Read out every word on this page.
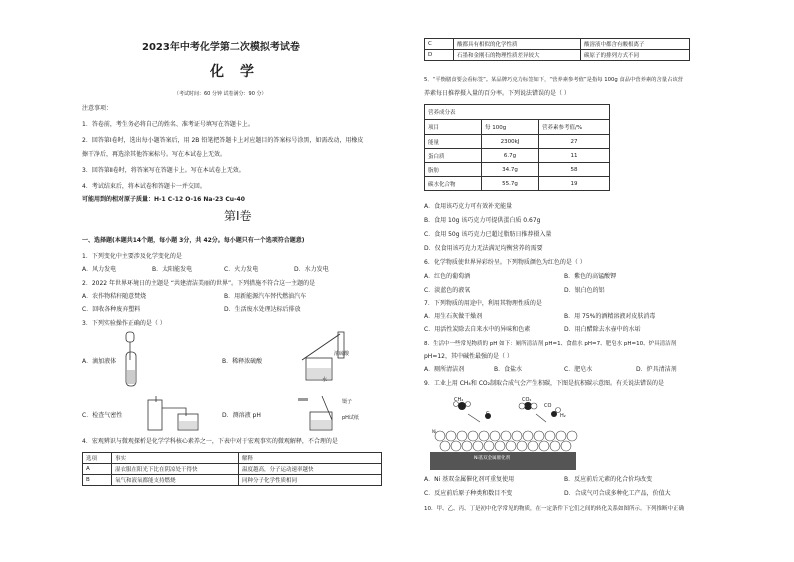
2023年中考化学第二次模拟考试卷
化学
（考试时间：60 分钟 试卷满分：90 分）
注意事项：
1．答卷前，考生务必将自己的姓名、准考证号填写在答题卡上。
2．回答第Ⅰ卷时，选出每小题答案后，用 2B 铅笔把答题卡上对应题目的答案标号涂黑，如需改动，用橡皮
擦干净后，再选涂其他答案标号。写在本试卷上无效。
3．回答第Ⅱ卷时，将答案写在答题卡上。写在本试卷上无效。
4．考试结束后，将本试卷和答题卡一并交回。
可能用到的相对原子质量：H-1 C-12 O-16 Na-23 Cu-40
第Ⅰ卷
一、选择题(本题共14个题，每小题 3分，共 42分。每小题只有一个选项符合题意)
1．下列变化中主要涉及化学变化的是
A．风力发电	B．太阳能发电	C．火力发电	D．水力发电
2．2022 年世界环境日的主题是 “共建清洁美丽的世界”。下列措施不符合这一主题的是
A．农作物秸秆随意焚烧	B．用新能源汽车替代燃油汽车
C．回收各种废弃塑料	D．生活废水处理达标后排放
3．下列实验操作正确的是（ ）
A．滴加液体	B．稀释浓硫酸
浓硫酸
水
C．检查气密性	D．测溶液 pH
镊子
pH试纸
4．宏观辨识与微观探析是化学学科核心素养之一，下表中对于宏观事实的微观解释，不合理的是
选项	事实	解释
A	湿衣服在阳光下比在阴凉处干得快	温度越高，分子运动速率越快
B	氧气和液氧都能支持燃烧	同种分子化学性质相同
C	酸都具有相似的化学性质	酸溶液中都含有酸根离子
D	石墨和金刚石的物理性质差异较大	碳原子的排列方式不同
5．“平衡膳食要会看标签”。某品牌巧克力标签如下，“营养素参考值”是指每 100g 食品中营养素的含量占该营
养素每日推荐摄入量的百分率。下列说法错误的是（ ）
营养成分表		
项目	每 100g	营养素参考值/%
能量	2300kJ	27
蛋白质	6.7g	11
脂肪	34.7g	58
碳水化合物	55.7g	19
A．食用该巧克力可有效补充能量
B．食用 10g 该巧克力可提供蛋白质 0.67g
C．食用 50g 该巧克力已超过脂肪日推荐摄入量
D．仅食用该巧克力无法满足均衡营养的需要
6．化学物质使世界异彩纷呈。下列物质颜色为红色的是（ ）
A．红色的葡萄酒	B．紫色的高锰酸钾
C．淡蓝色的液氧	D．银白色的铝
7．下列物质的用途中，利用其物理性质的是
A．用生石灰做干燥剂	B．用 75%的酒精溶液对皮肤消毒
C．用活性炭除去自来水中的异味和色素	D．用白醋除去水壶中的水垢
8．生活中一些常见物质的 pH 如下：厕所清洁剂 pH=1、食盐水 pH=7、肥皂水 pH=10、炉具清洁剂
pH=12，其中碱性最强的是（ ）
A．厕所清洁剂	B．食盐水	C．肥皂水	D．炉具清洁剂
9．工业上用 CH₄和 CO₂制取合成气会产生积碳，下图是抗积碳示意图。有关说法错误的是
CH₄
C
CO₂
CO
H₂
Ni
Ni基双金属催化剂
A．Ni 基双金属催化剂可重复使用	B．反应前后元素的化合价均改变
C．反应前后原子种类和数目不变	D．合成气可合成多种化工产品，价值大
10．甲、乙、丙、丁是初中化学常见的物质，在一定条件下它们之间的转化关系如图所示。下列推断中正确
